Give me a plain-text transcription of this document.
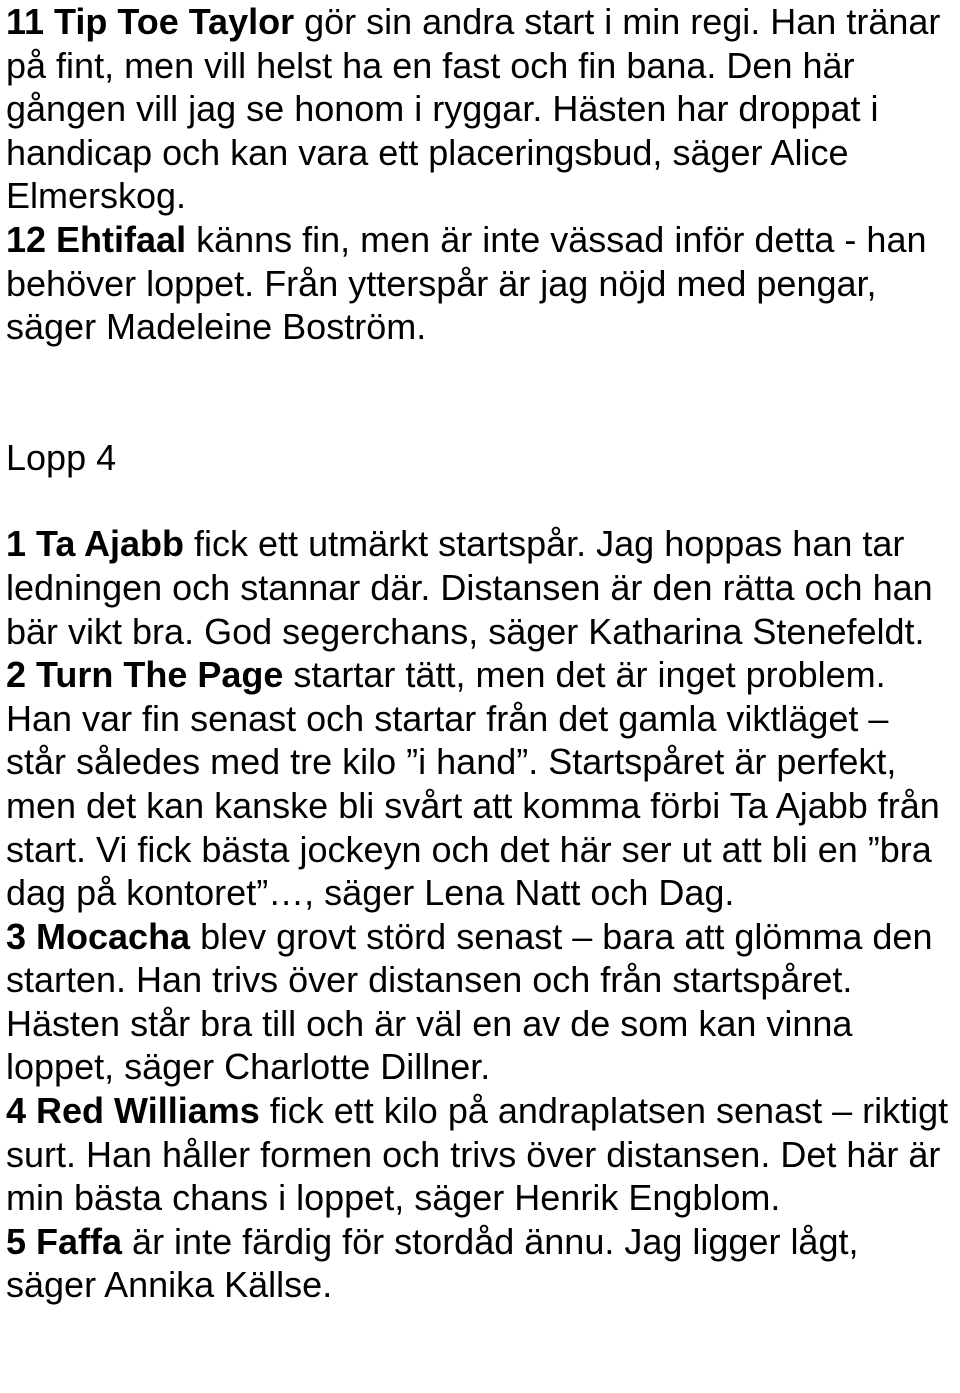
11 Tip Toe Taylor gör sin andra start i min regi. Han tränar på fint, men vill helst ha en fast och fin bana. Den här gången vill jag se honom i ryggar. Hästen har droppat i handicap och kan vara ett placeringsbud, säger Alice Elmerskog.

12 Ehtifaal känns fin, men är inte vässad inför detta - han behöver loppet. Från ytterspår är jag nöjd med pengar, säger Madeleine Boström.

Lopp 4

1 Ta Ajabb fick ett utmärkt startspår. Jag hoppas han tar ledningen och stannar där. Distansen är den rätta och han bär vikt bra. God segerchans, säger Katharina Stenefeldt.

2 Turn The Page startar tätt, men det är inget problem. Han var fin senast och startar från det gamla viktläget – står således med tre kilo ”i hand”. Startspåret är perfekt, men det kan kanske bli svårt att komma förbi Ta Ajabb från start. Vi fick bästa jockeyn och det här ser ut att bli en ”bra dag på kontoret”…, säger Lena Natt och Dag.

3 Mocacha blev grovt störd senast – bara att glömma den starten. Han trivs över distansen och från startspåret. Hästen står bra till och är väl en av de som kan vinna loppet, säger Charlotte Dillner.

4 Red Williams fick ett kilo på andraplatsen senast – riktigt surt. Han håller formen och trivs över distansen. Det här är min bästa chans i loppet, säger Henrik Engblom.

5 Faffa är inte färdig för stordåd ännu. Jag ligger lågt, säger Annika Källse.
